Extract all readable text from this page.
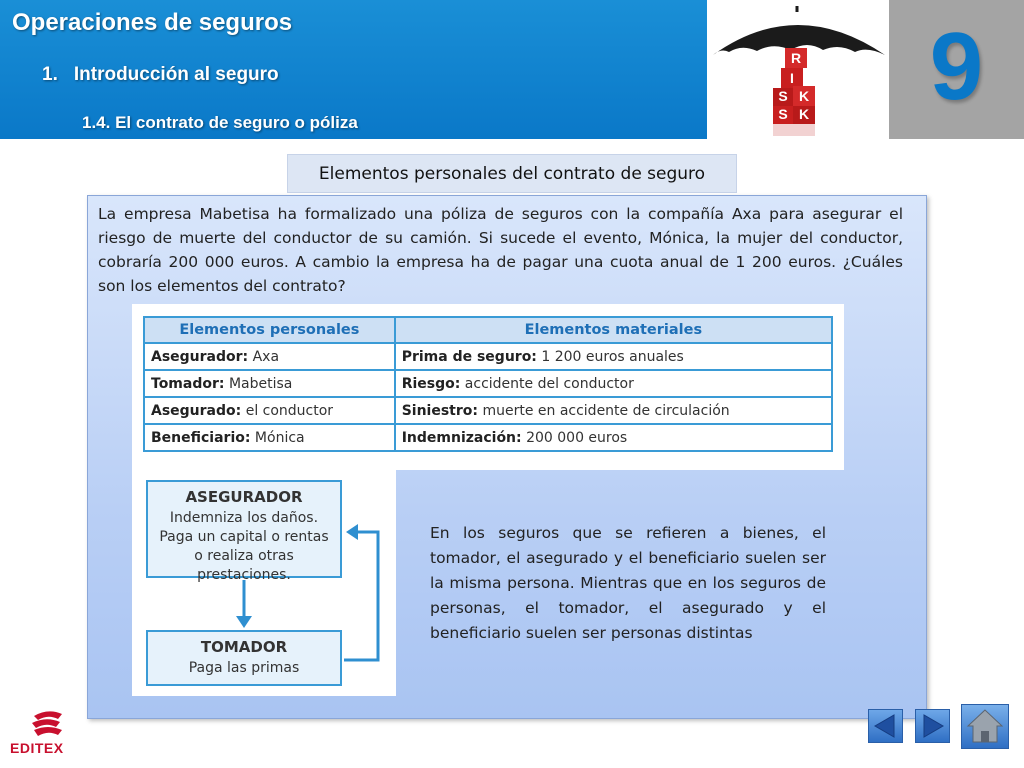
Operaciones de seguros
1. Introducción al seguro
1.4. El contrato de seguro o póliza
R
I
S K
S K 9
Elementos personales del contrato de seguro
La empresa Mabetisa ha formalizado una póliza de seguros con la compañía Axa para asegurar el riesgo de muerte del conductor de su camión. Si sucede el evento, Mónica, la mujer del conductor, cobraría 200 000 euros. A cambio la empresa ha de pagar una cuota anual de 1 200 euros. ¿Cuáles son los elementos del contrato?
Elementos personales	Elementos materiales
Asegurador: Axa	Prima de seguro: 1 200 euros anuales
Tomador: Mabetisa	Riesgo: accidente del conductor
Asegurado: el conductor	Siniestro: muerte en accidente de circulación
Beneficiario: Mónica	Indemnización: 200 000 euros
ASEGURADOR
Indemniza los daños.
Paga un capital o rentas
o realiza otras prestaciones.
TOMADOR
Paga las primas
En los seguros que se refieren a bienes, el tomador, el asegurado y el beneficiario suelen ser la misma persona. Mientras que en los seguros de personas, el tomador, el asegurado y el beneficiario suelen ser personas distintas
EDITEX
